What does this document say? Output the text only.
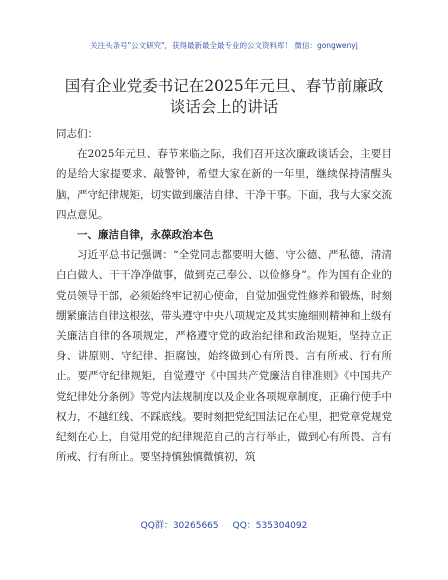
关注头条号"公文研究"，获得最新最全最专业的公文资料库！ 微信：gongwenyj
国有企业党委书记在2025年元旦、春节前廉政
谈话会上的讲话

同志们：

在2025年元旦、春节来临之际，我们召开这次廉政谈话会，主要目的是给大家提要求、敲警钟，希望大家在新的一年里，继续保持清醒头脑，严守纪律规矩，切实做到廉洁自律、干净干事。下面，我与大家交流四点意见。

一、廉洁自律，永葆政治本色

习近平总书记强调：“全党同志都要明大德、守公德、严私德，清清白白做人、干干净净做事，做到克己奉公、以俭修身”。作为国有企业的党员领导干部，必须始终牢记初心使命，自觉加强党性修养和锻炼，时刻绷紧廉洁自律这根弦，带头遵守中央八项规定及其实施细则精神和上级有关廉洁自律的各项规定，严格遵守党的政治纪律和政治规矩，坚持立正身、讲原则、守纪律、拒腐蚀，始终做到心有所畏、言有所戒、行有所止。要严守纪律规矩，自觉遵守《中国共产党廉洁自律准则》《中国共产党纪律处分条例》等党内法规制度以及企业各项规章制度，正确行使手中权力，不越红线、不踩底线。要时刻把党纪国法记在心里，把党章党规党纪刻在心上，自觉用党的纪律规范自己的言行举止，做到心有所畏、言有所戒、行有所止。要坚持慎独慎微慎初，筑

QQ群：30265665 QQ：535304092
